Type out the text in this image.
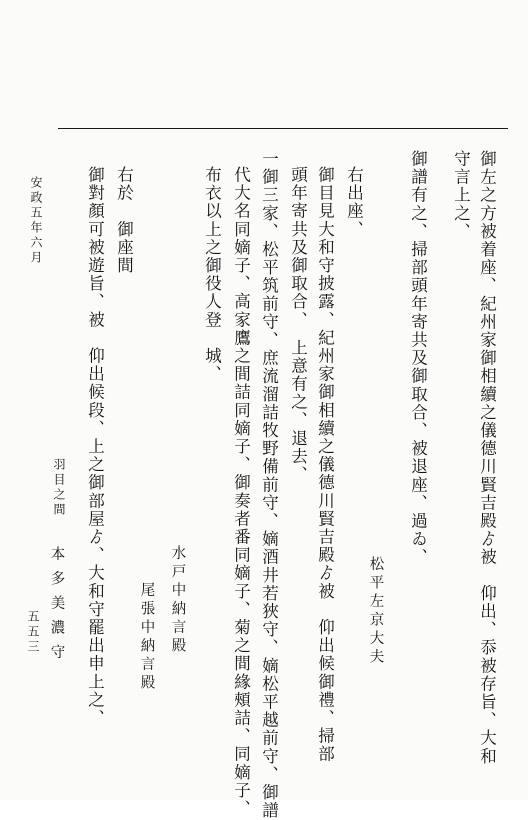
御左之方被着座、紀州家御相續之儀德川賢吉殿ゟ被　仰出、忝被存旨、大和
守言上之、
御譜有之、掃部頭年寄共及御取合、被退座、過ゐ、
松平左京大夫
右出座、
御目見大和守披露、紀州家御相續之儀德川賢吉殿ゟ被　仰出候御禮、掃部
頭年寄共及御取合、　上意有之、退去、
一御三家、松平筑前守、庶流溜詰牧野備前守、嫡酒井若狹守、嫡松平越前守、御譜
代大名同嫡子、高家鷹之間詰同嫡子、御奏者番同嫡子、菊之間緣頰詰、同嫡子、
布衣以上之御役人登　城、
水戸中納言殿
尾張中納言殿
右於　御座間
御對顏可被遊旨、被　仰出候段、上之御部屋ゟ、大和守罷出申上之、
羽目之間
本多美濃守
安政五年六月
五五三
